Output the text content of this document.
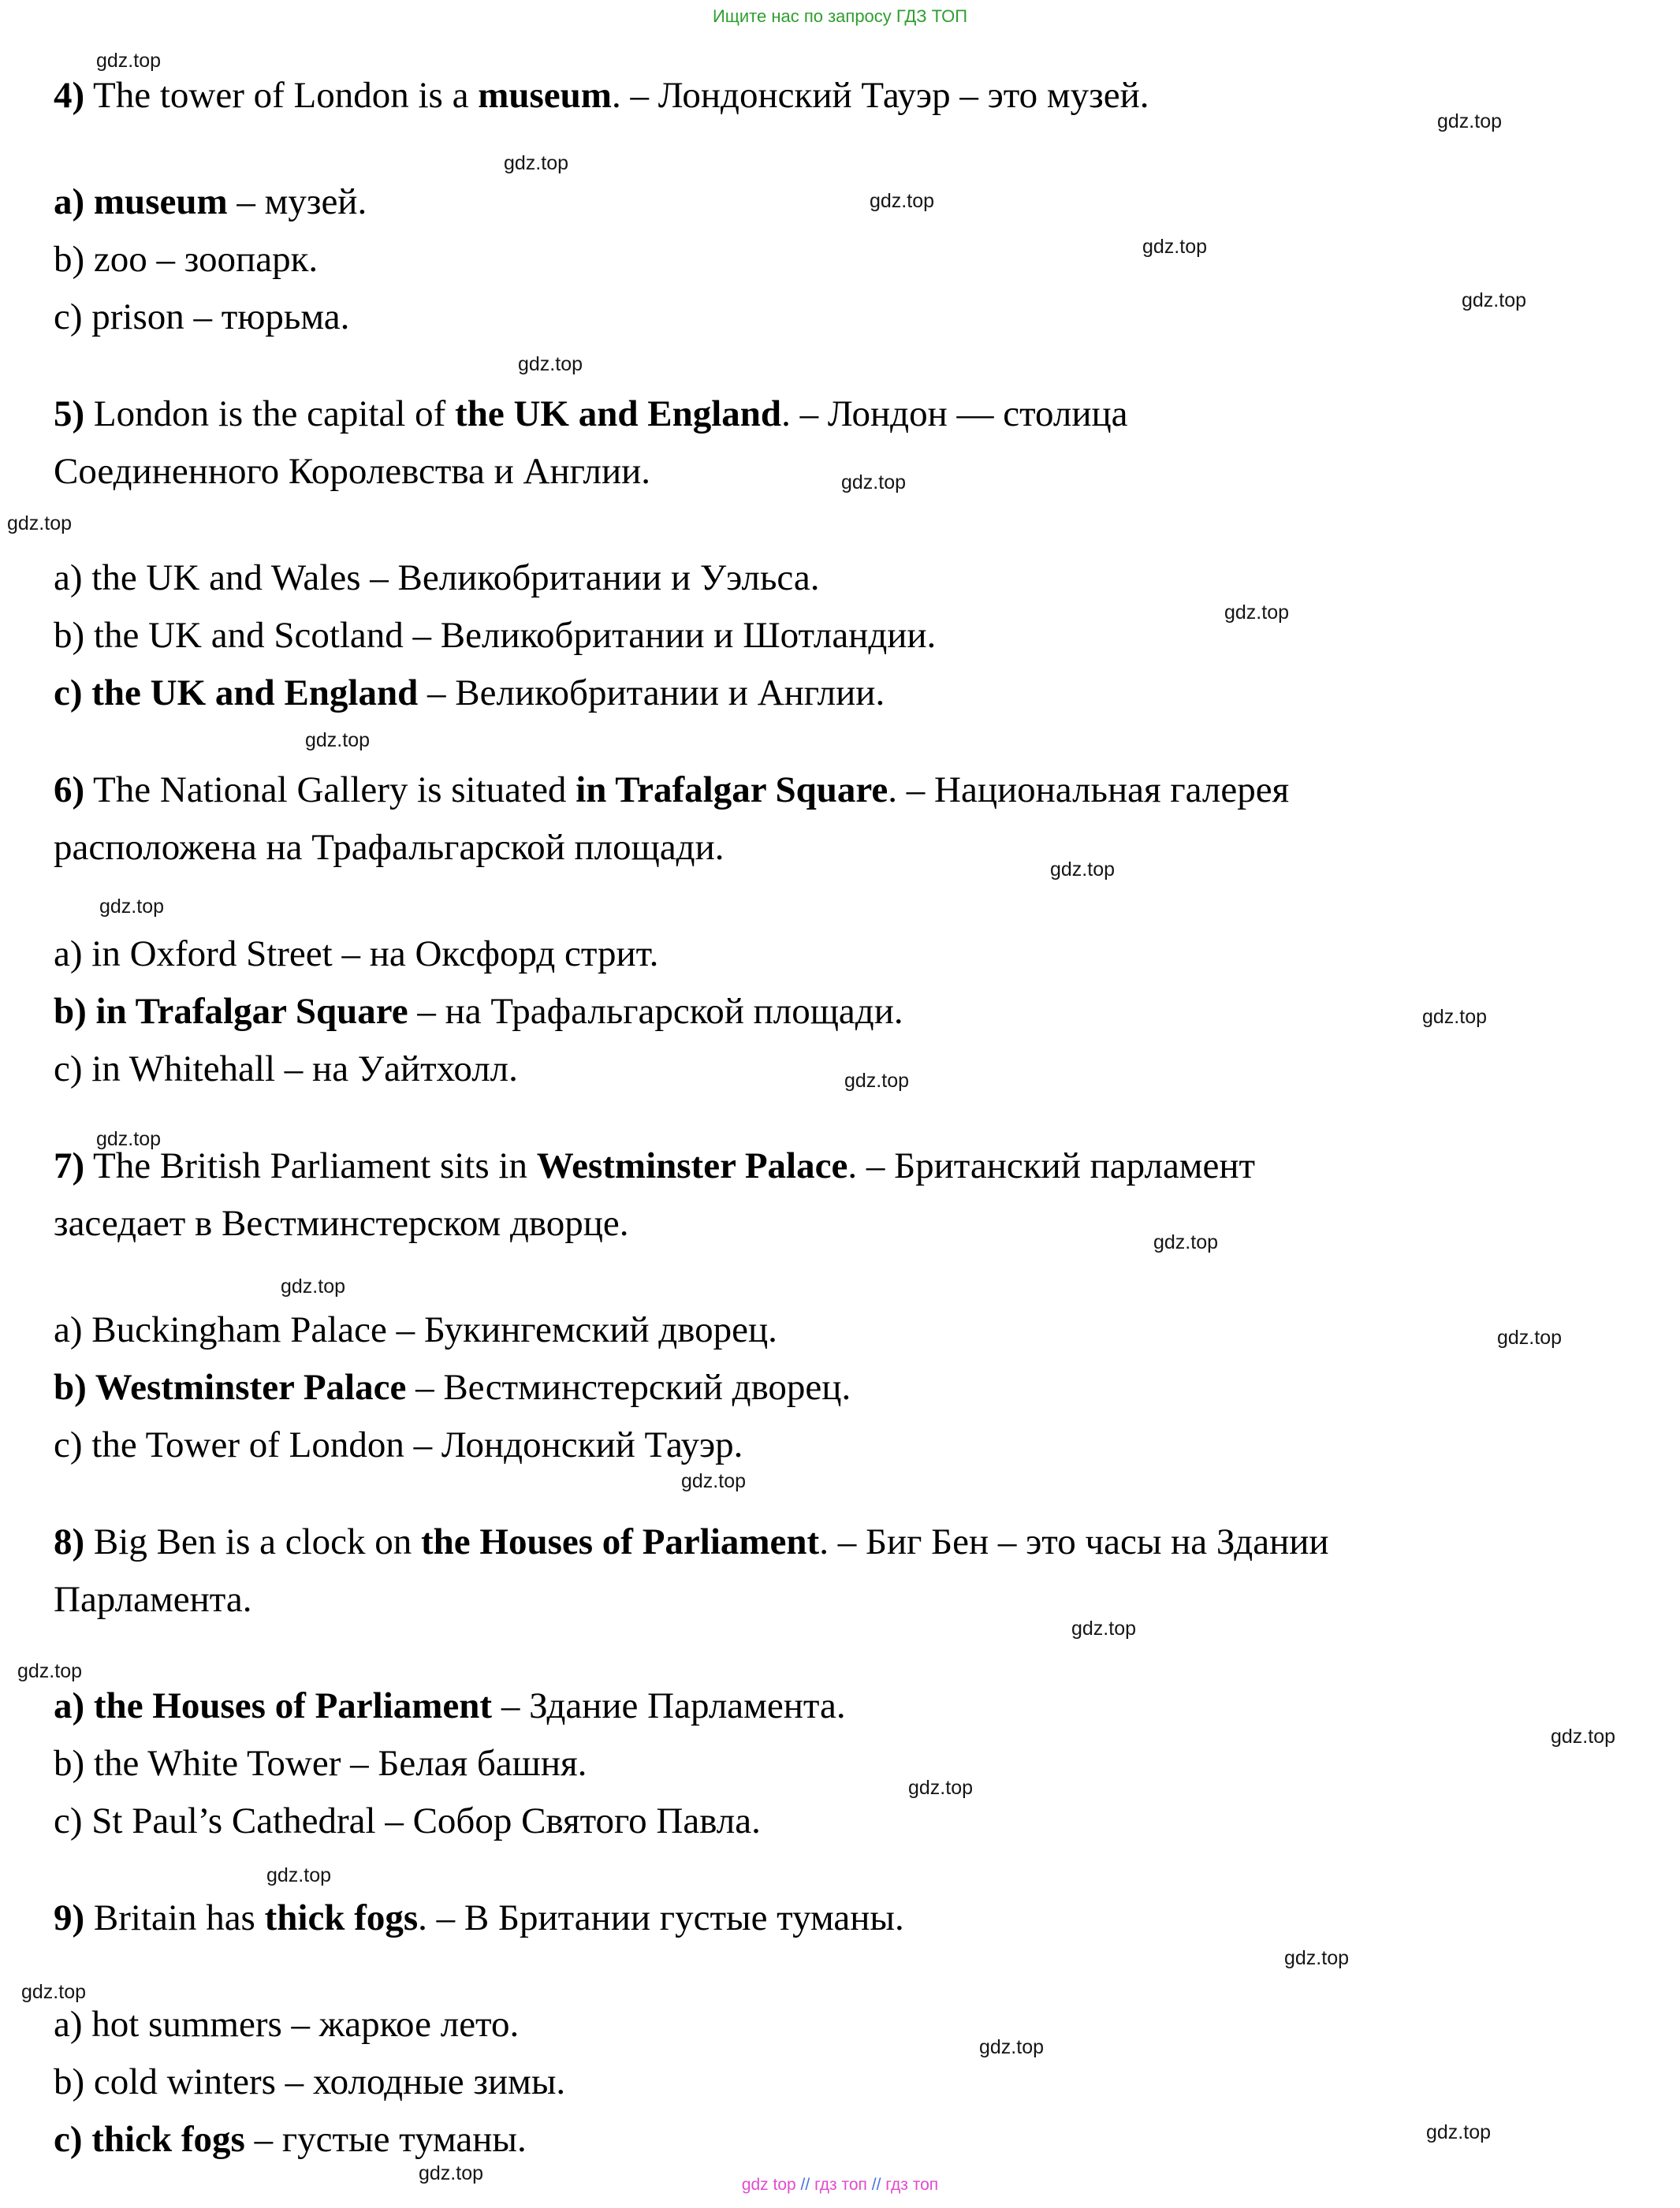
Ищите нас по запросу ГДЗ ТОП
gdz.top
gdz.top
gdz.top
gdz.top
gdz.top
gdz.top
gdz.top
gdz.top
gdz.top
gdz.top
gdz.top
gdz.top
gdz.top
gdz.top
gdz.top
gdz.top
gdz.top
gdz.top
gdz.top
gdz.top
gdz.top
gdz.top
gdz.top
gdz.top
gdz.top
gdz.top
gdz.top
gdz.top
gdz.top
gdz.top
4) The tower of London is a museum. – Лондонский Тауэр – это музей.
a) museum – музей.
b) zoo – зоопарк.
c) prison – тюрьма.
5) London is the capital of the UK and England. – Лондон — столица
Соединенного Королевства и Англии.
a) the UK and Wales – Великобритании и Уэльса.
b) the UK and Scotland – Великобритании и Шотландии.
c) the UK and England – Великобритании и Англии.
6) The National Gallery is situated in Trafalgar Square. – Национальная галерея
расположена на Трафальгарской площади.
a) in Oxford Street – на Оксфорд стрит.
b) in Trafalgar Square – на Трафальгарской площади.
c) in Whitehall – на Уайтхолл.
7) The British Parliament sits in Westminster Palace. – Британский парламент
заседает в Вестминстерском дворце.
a) Buckingham Palace – Букингемский дворец.
b) Westminster Palace – Вестминстерский дворец.
c) the Tower of London – Лондонский Тауэр.
8) Big Ben is a clock on the Houses of Parliament. – Биг Бен – это часы на Здании
Парламента.
a) the Houses of Parliament – Здание Парламента.
b) the White Tower – Белая башня.
c) St Paul’s Cathedral – Собор Святого Павла.
9) Britain has thick fogs. – В Британии густые туманы.
a) hot summers – жаркое лето.
b) cold winters – холодные зимы.
c) thick fogs – густые туманы.
gdz top // гдз топ // гдз топ
